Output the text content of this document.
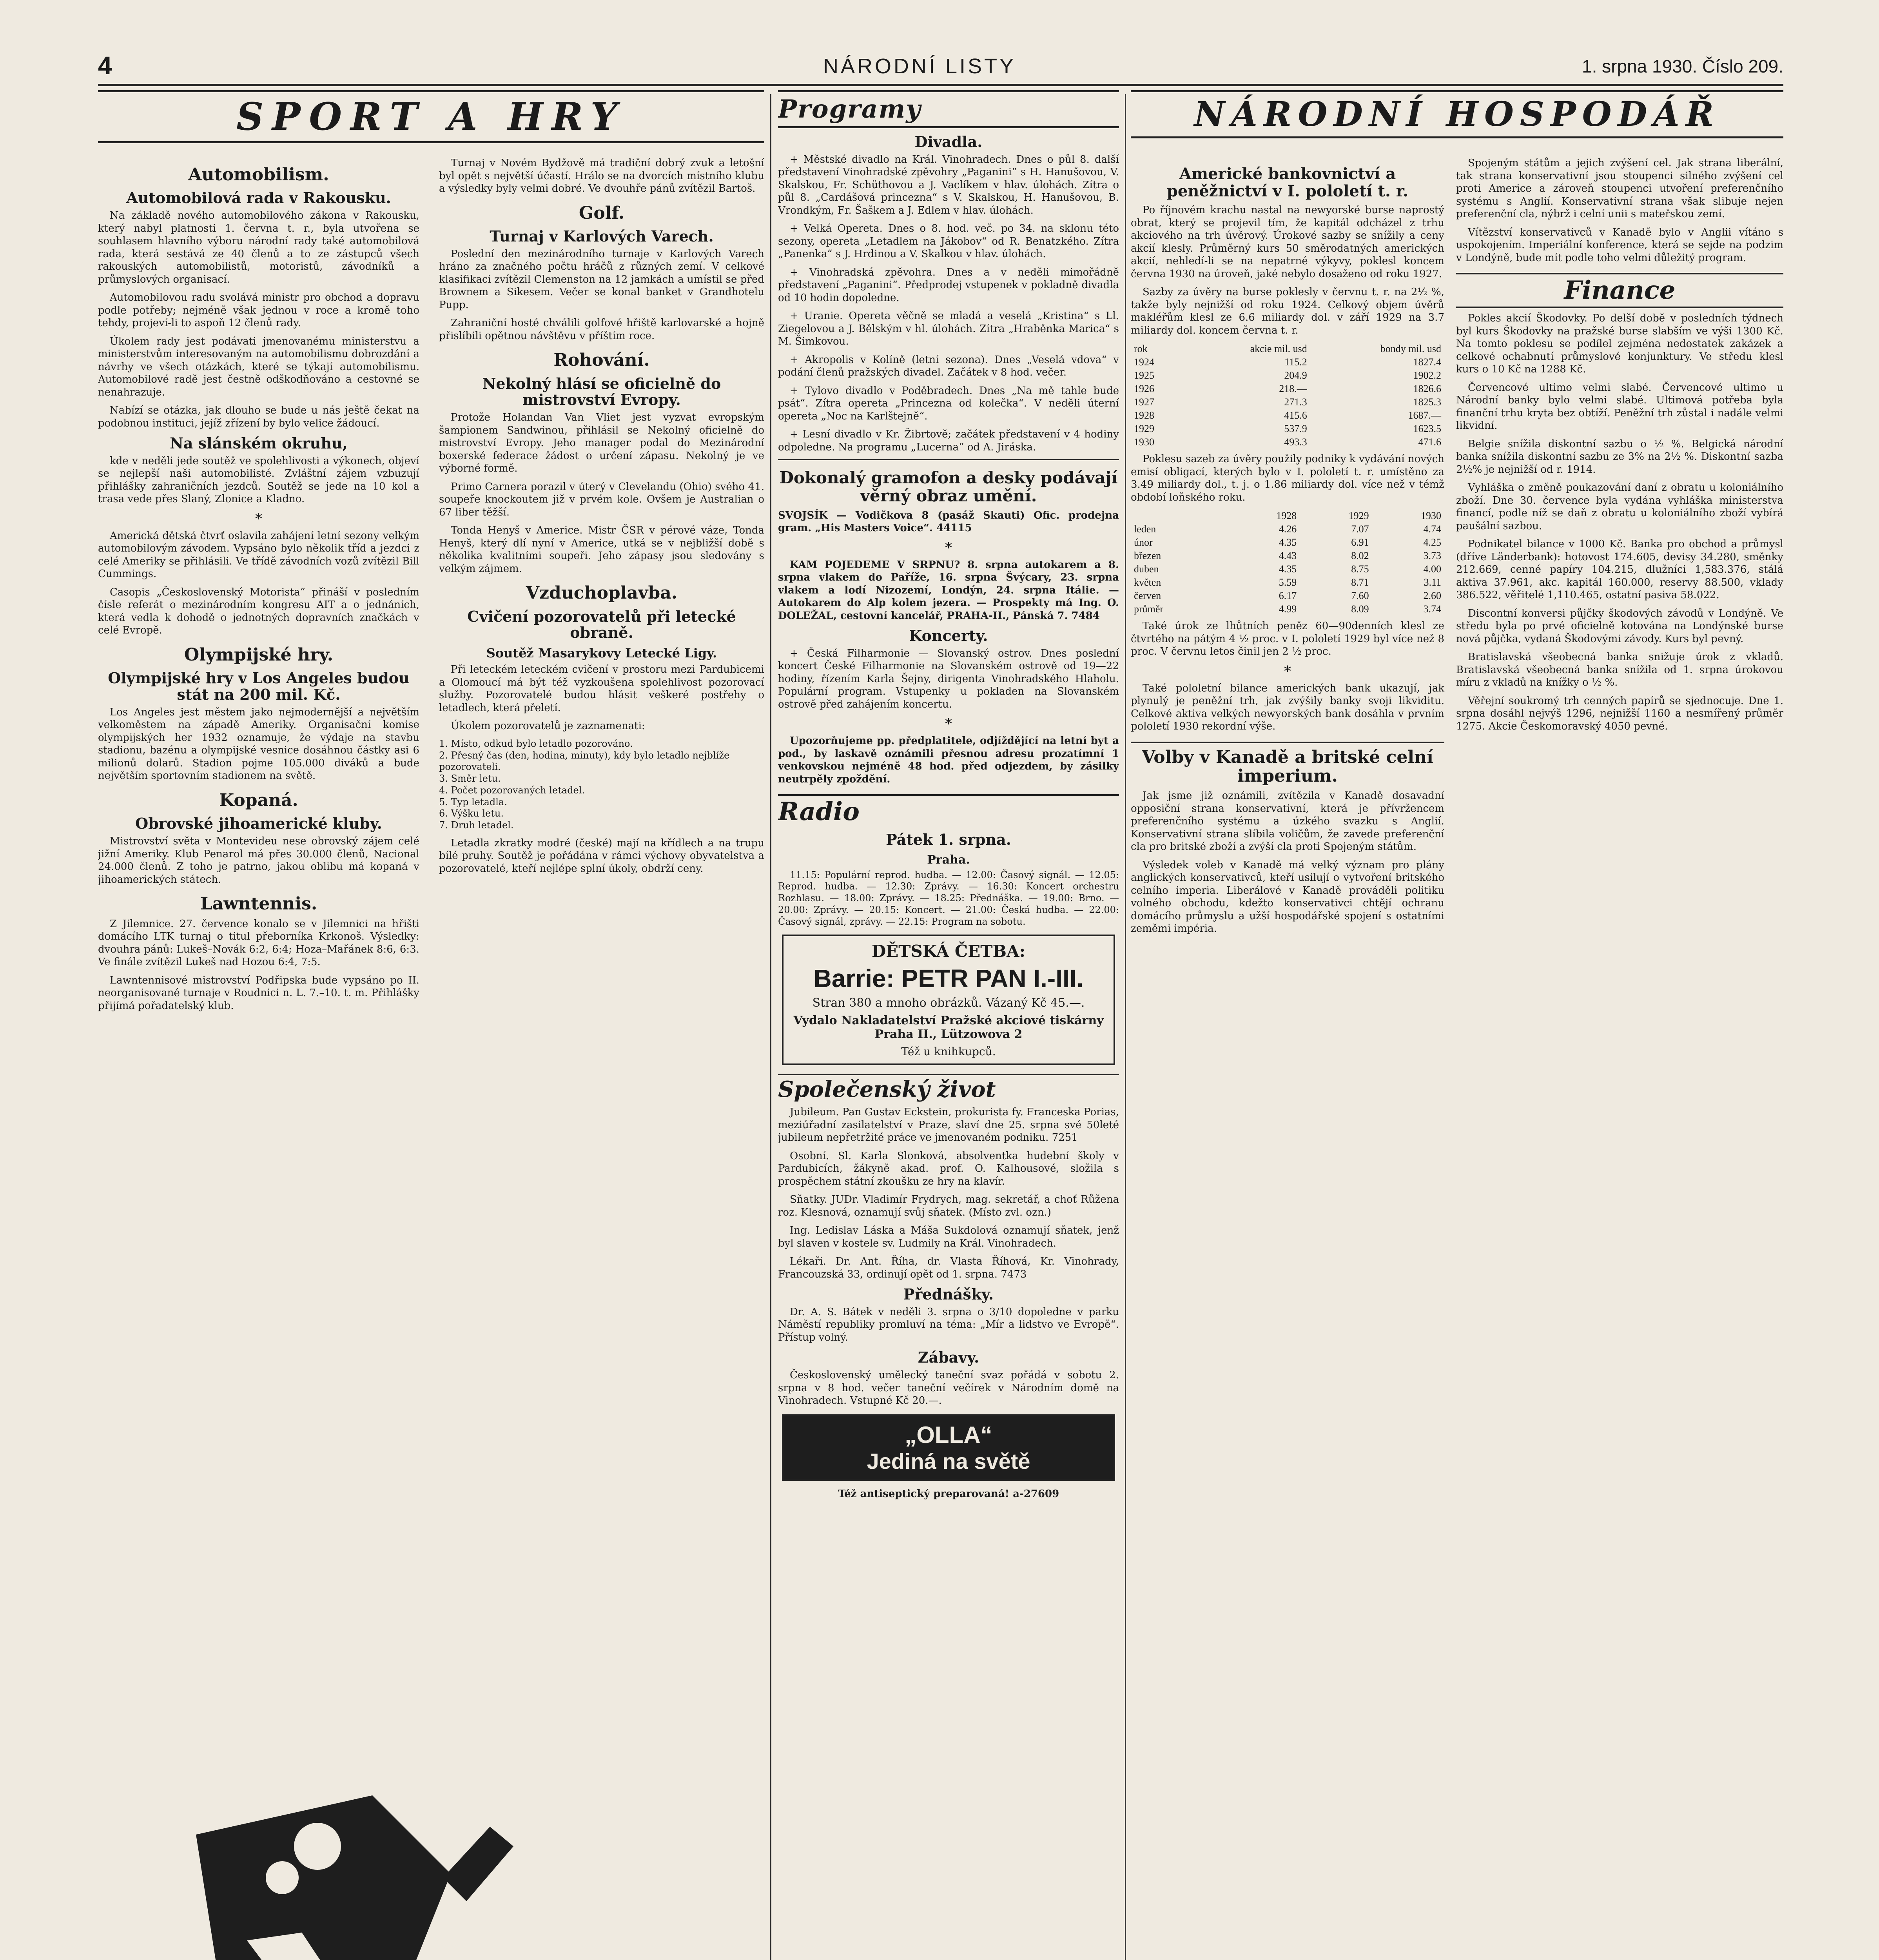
4	NÁRODNÍ LISTY	1. srpna 1930. Číslo 209.
SPORT A HRY
Automobilism.
Automobilová rada v Rakousku.

Na základě nového automobilového zákona v Rakousku, který nabyl platnosti 1. června t. r., byla utvořena se souhlasem hlavního výboru národní rady také automobilová rada, která sestává ze 40 členů a to ze zástupců všech rakouských automobilistů, motoristů, závodníků a průmyslových organisací.

Automobilovou radu svolává ministr pro obchod a dopravu podle potřeby; nejméně však jednou v roce a kromě toho tehdy, projeví-li to aspoň 12 členů rady.

Úkolem rady jest podávati jmenovanému ministerstvu a ministerstvům interesovaným na automobilismu dobrozdání a návrhy ve všech otázkách, které se týkají automobilismu. Automobilové radě jest čestně odškodňováno a cestovné se nenahrazuje.

Nabízí se otázka, jak dlouho se bude u nás ještě čekat na podobnou instituci, jejíž zřízení by bylo velice žádoucí.

Na slánském okruhu,

kde v neděli jede soutěž ve spolehlivosti a výkonech, objeví se nejlepší naši automobilisté. Zvláštní zájem vzbuzují přihlášky zahraničních jezdců. Soutěž se jede na 10 kol a trasa vede přes Slaný, Zlonice a Kladno.

*

Americká dětská čtvrť oslavila zahájení letní sezony velkým automobilovým závodem. Vypsáno bylo několik tříd a jezdci z celé Ameriky se přihlásili. Ve třídě závodních vozů zvítězil Bill Cummings.

Casopis „Československý Motorista“ přináší v posledním čísle referát o mezinárodním kongresu AIT a o jednáních, která vedla k dohodě o jednotných dopravních značkách v celé Evropě.

Olympijské hry.
Olympijské hry v Los Angeles budou stát na 200 mil. Kč.

Los Angeles jest městem jako nejmodernější a největším velkoměstem na západě Ameriky. Organisační komise olympijských her 1932 oznamuje, že výdaje na stavbu stadionu, bazénu a olympijské vesnice dosáhnou částky asi 6 milionů dolarů. Stadion pojme 105.000 diváků a bude největším sportovním stadionem na světě.

Kopaná.
Obrovské jihoamerické kluby.

Mistrovství světa v Montevideu nese obrovský zájem celé jižní Ameriky. Klub Penarol má přes 30.000 členů, Nacional 24.000 členů. Z toho je patrno, jakou oblibu má kopaná v jihoamerických státech.

Lawntennis.

Z Jilemnice. 27. července konalo se v Jilemnici na hřišti domácího LTK turnaj o titul přeborníka Krkonoš. Výsledky: dvouhra pánů: Lukeš–Novák 6:2, 6:4; Hoza–Mařánek 8:6, 6:3. Ve finále zvítězil Lukeš nad Hozou 6:4, 7:5.

Lawntennisové mistrovství Podřipska bude vypsáno po II. neorganisované turnaje v Roudnici n. L. 7.–10. t. m. Přihlášky přijímá pořadatelský klub.

Turnaj v Novém Bydžově má tradiční dobrý zvuk a letošní byl opět s největší účastí. Hrálo se na dvorcích místního klubu a výsledky byly velmi dobré. Ve dvouhře pánů zvítězil Bartoš.

Golf.
Turnaj v Karlových Varech.

Poslední den mezinárodního turnaje v Karlových Varech hráno za značného počtu hráčů z různých zemí. V celkové klasifikaci zvítězil Clemenston na 12 jamkách a umístil se před Brownem a Sikesem. Večer se konal banket v Grandhotelu Pupp.

Zahraniční hosté chválili golfové hřiště karlovarské a hojně přislíbili opětnou návštěvu v příštím roce.

Rohování.
Nekolný hlásí se oficielně do mistrovství Evropy.

Protože Holandan Van Vliet jest vyzvat evropským šampionem Sandwinou, přihlásil se Nekolný oficielně do mistrovství Evropy. Jeho manager podal do Mezinárodní boxerské federace žádost o určení zápasu. Nekolný je ve výborné formě.

Primo Carnera porazil v úterý v Clevelandu (Ohio) svého 41. soupeře knockoutem již v prvém kole. Ovšem je Australian o 67 liber těžší.

Tonda Henyš v Americe. Mistr ČSR v pérové váze, Tonda Henyš, který dlí nyní v Americe, utká se v nejbližší době s několika kvalitními soupeři. Jeho zápasy jsou sledovány s velkým zájmem.

Vzduchoplavba.
Cvičení pozorovatelů při letecké obraně.
Soutěž Masarykovy Letecké Ligy.

Při leteckém leteckém cvičení v prostoru mezi Pardubicemi a Olomoucí má být též vyzkoušena spolehlivost pozorovací služby. Pozorovatelé budou hlásit veškeré postřehy o letadlech, která přeletí.

Úkolem pozorovatelů je zaznamenati:

1. Místo, odkud bylo letadlo pozorováno.
2. Přesný čas (den, hodina, minuty), kdy bylo letadlo nejblíže pozorovateli.
3. Směr letu.
4. Počet pozorovaných letadel.
5. Typ letadla.
6. Výšku letu.
7. Druh letadel.

Letadla zkratky modré (české) mají na křídlech a na trupu bílé pruhy. Soutěž je pořádána v rámci výchovy obyvatelstva a pozorovatelé, kteří nejlépe splní úkoly, obdrží ceny.

Programy
Divadla.

+ Městské divadlo na Král. Vinohradech. Dnes o půl 8. další představení Vinohradské zpěvohry „Paganini“ s H. Hanušovou, V. Skalskou, Fr. Schüthovou a J. Vaclíkem v hlav. úlohách. Zítra o půl 8. „Cardášová princezna“ s V. Skalskou, H. Hanušovou, B. Vrondkým, Fr. Šaškem a J. Edlem v hlav. úlohách.

+ Velká Opereta. Dnes o 8. hod. več. po 34. na sklonu této sezony, opereta „Letadlem na Jákobov“ od R. Benatzkého. Zítra „Panenka“ s J. Hrdinou a V. Skalkou v hlav. úlohách.

+ Vinohradská zpěvohra. Dnes a v neděli mimořádně představení „Paganini“. Předprodej vstupenek v pokladně divadla od 10 hodin dopoledne.

+ Uranie. Opereta věčně se mladá a veselá „Kristina“ s Ll. Ziegelovou a J. Bělským v hl. úlohách. Zítra „Hraběnka Marica“ s M. Šimkovou.

+ Akropolis v Kolíně (letní sezona). Dnes „Veselá vdova“ v podání členů pražských divadel. Začátek v 8 hod. večer.

+ Tylovo divadlo v Poděbradech. Dnes „Na mě tahle bude psát“. Zítra opereta „Princezna od kolečka“. V neděli úterní opereta „Noc na Karlštejně“.

+ Lesní divadlo v Kr. Žibrtově; začátek představení v 4 hodiny odpoledne. Na programu „Lucerna“ od A. Jiráska.

Dokonalý gramofon a desky podávají věrný obraz umění.

SVOJSÍK — Vodičkova 8 (pasáž Skauti) Ofic. prodejna gram. „His Masters Voice“. 44115

*

KAM POJEDEME V SRPNU? 8. srpna autokarem a 8. srpna vlakem do Paříže, 16. srpna Švýcary, 23. srpna vlakem a lodí Nizozemí, Londýn, 24. srpna Itálie. — Autokarem do Alp kolem jezera. — Prospekty má Ing. O. DOLEŽAL, cestovní kancelář, PRAHA-II., Pánská 7. 7484

Koncerty.

+ Česká Filharmonie — Slovanský ostrov. Dnes poslední koncert České Filharmonie na Slovanském ostrově od 19—22 hodiny, řízením Karla Šejny, dirigenta Vinohradského Hlaholu. Populární program. Vstupenky u pokladen na Slovanském ostrově před zahájením koncertu.

*

Upozorňujeme pp. předplatitele, odjíždějící na letní byt a pod., by laskavě oznámili přesnou adresu prozatímní 1 venkovskou nejméně 48 hod. před odjezdem, by zásilky neutrpěly zpoždění.

Radio
Pátek 1. srpna.
Praha.

11.15: Populární reprod. hudba. — 12.00: Časový signál. — 12.05: Reprod. hudba. — 12.30: Zprávy. — 16.30: Koncert orchestru Rozhlasu. — 18.00: Zprávy. — 18.25: Přednáška. — 19.00: Brno. — 20.00: Zprávy. — 20.15: Koncert. — 21.00: Česká hudba. — 22.00: Časový signál, zprávy. — 22.15: Program na sobotu.

DĚTSKÁ ČETBA:
Barrie: PETR PAN I.-III.
Stran 380 a mnoho obrázků. Vázaný Kč 45.—.
Vydalo Nakladatelství Pražské akciové tiskárny Praha II., Lützowova 2
Též u knihkupců.
Společenský život

Jubileum. Pan Gustav Eckstein, prokurista fy. Franceska Porias, meziúřadní zasilatelství v Praze, slaví dne 25. srpna své 50leté jubileum nepřetržité práce ve jmenovaném podniku. 7251

Osobní. Sl. Karla Slonková, absolventka hudební školy v Pardubicích, žákyně akad. prof. O. Kalhousové, složila s prospěchem státní zkoušku ze hry na klavír.

Sňatky. JUDr. Vladimír Frydrych, mag. sekretář, a choť Růžena roz. Klesnová, oznamují svůj sňatek. (Místo zvl. ozn.)

Ing. Ledislav Láska a Máša Sukdolová oznamují sňatek, jenž byl slaven v kostele sv. Ludmily na Král. Vinohradech.

Lékaři. Dr. Ant. Říha, dr. Vlasta Říhová, Kr. Vinohrady, Francouzská 33, ordinují opět od 1. srpna. 7473

Přednášky.

Dr. A. S. Bátek v neděli 3. srpna o 3/10 dopoledne v parku Náměstí republiky promluví na téma: „Mír a lidstvo ve Evropě“. Přístup volný.

Zábavy.

Československý umělecký taneční svaz pořádá v sobotu 2. srpna v 8 hod. večer taneční večírek v Národním domě na Vinohradech. Vstupné Kč 20.—.

„OLLA“
Jediná na světě
Též antiseptický preparovaná! a-27609
NÁRODNÍ HOSPODÁŘ
Americké bankovnictví a peněžnictví v I. pololetí t. r.

Po říjnovém krachu nastal na newyorské burse naprostý obrat, který se projevil tím, že kapitál odcházel z trhu akciového na trh úvěrový. Úrokové sazby se snížily a ceny akcií klesly. Průměrný kurs 50 směrodatných amerických akcií, nehledí-li se na nepatrné výkyvy, poklesl koncem června 1930 na úroveň, jaké nebylo dosaženo od roku 1927.

Sazby za úvěry na burse poklesly v červnu t. r. na 2½ %, takže byly nejnižší od roku 1924. Celkový objem úvěrů makléřům klesl ze 6.6 miliardy dol. v září 1929 na 3.7 miliardy dol. koncem června t. r.

rok	akcie mil. usd	bondy mil. usd
1924	115.2	1827.4
1925	204.9	1902.2
1926	218.—	1826.6
1927	271.3	1825.3
1928	415.6	1687.—
1929	537.9	1623.5
1930	493.3	471.6

Poklesu sazeb za úvěry použily podniky k vydávání nových emisí obligací, kterých bylo v I. pololetí t. r. umístěno za 3.49 miliardy dol., t. j. o 1.86 miliardy dol. více než v témž období loňského roku.

	1928	1929	1930
leden	4.26	7.07	4.74
únor	4.35	6.91	4.25
březen	4.43	8.02	3.73
duben	4.35	8.75	4.00
květen	5.59	8.71	3.11
červen	6.17	7.60	2.60
průměr	4.99	8.09	3.74

Také úrok ze lhůtních peněz 60—90denních klesl ze čtvrtého na pátým 4 ½ proc. v I. pololetí 1929 byl více než 8 proc. V červnu letos činil jen 2 ½ proc.

*

Také pololetní bilance amerických bank ukazují, jak plynulý je peněžní trh, jak zvýšily banky svoji likviditu. Celkové aktiva velkých newyorských bank dosáhla v prvním pololetí 1930 rekordní výše.

Volby v Kanadě a britské celní imperium.

Jak jsme již oznámili, zvítězila v Kanadě dosavadní opposiční strana konservativní, která je přívržencem preferenčního systému a úzkého svazku s Anglií. Konservativní strana slíbila voličům, že zavede preferenční cla pro britské zboží a zvýší cla proti Spojeným státům.

Výsledek voleb v Kanadě má velký význam pro plány anglických konservativců, kteří usilují o vytvoření britského celního imperia. Liberálové v Kanadě prováděli politiku volného obchodu, kdežto konservativci chtějí ochranu domácího průmyslu a užší hospodářské spojení s ostatními zeměmi impéria.

Spojeným státům a jejich zvýšení cel. Jak strana liberální, tak strana konservativní jsou stoupenci silného zvýšení cel proti Americe a zároveň stoupenci utvoření preferenčního systému s Anglií. Konservativní strana však slibuje nejen preferenční cla, nýbrž i celní unii s mateřskou zemí.

Vítězství konservativců v Kanadě bylo v Anglii vítáno s uspokojením. Imperiální konference, která se sejde na podzim v Londýně, bude mít podle toho velmi důležitý program.

Finance

Pokles akcií Škodovky. Po delší době v posledních týdnech byl kurs Škodovky na pražské burse slabším ve výši 1300 Kč. Na tomto poklesu se podílel zejména nedostatek zakázek a celkové ochabnutí průmyslové konjunktury. Ve středu klesl kurs o 10 Kč na 1288 Kč.

Červencové ultimo velmi slabé. Červencové ultimo u Národní banky bylo velmi slabé. Ultimová potřeba byla finanční trhu kryta bez obtíží. Peněžní trh zůstal i nadále velmi likvidní.

Belgie snížila diskontní sazbu o ½ %. Belgická národní banka snížila diskontní sazbu ze 3% na 2½ %. Diskontní sazba 2½% je nejnižší od r. 1914.

Vyhláška o změně poukazování daní z obratu u koloniálního zboží. Dne 30. července byla vydána vyhláška ministerstva financí, podle níž se daň z obratu u koloniálního zboží vybírá paušální sazbou.

Podnikatel bilance v 1000 Kč. Banka pro obchod a průmysl (dříve Länderbank): hotovost 174.605, devisy 34.280, směnky 212.669, cenné papíry 104.215, dlužníci 1,583.376, stálá aktiva 37.961, akc. kapitál 160.000, reservy 88.500, vklady 386.522, věřitelé 1,110.465, ostatní pasiva 58.022.

Discontní konversi půjčky škodových závodů v Londýně. Ve středu byla po prvé oficielně kotována na Londýnské burse nová půjčka, vydaná Škodovými závody. Kurs byl pevný.

Bratislavská všeobecná banka snižuje úrok z vkladů. Bratislavská všeobecná banka snížila od 1. srpna úrokovou míru z vkladů na knížky o ½ %.

Věřejní soukromý trh cenných papírů se sjednocuje. Dne 1. srpna dosáhl nejvýš 1296, nejnižší 1160 a nesmířený průměr 1275. Akcie Českomoravský 4050 pevné.
